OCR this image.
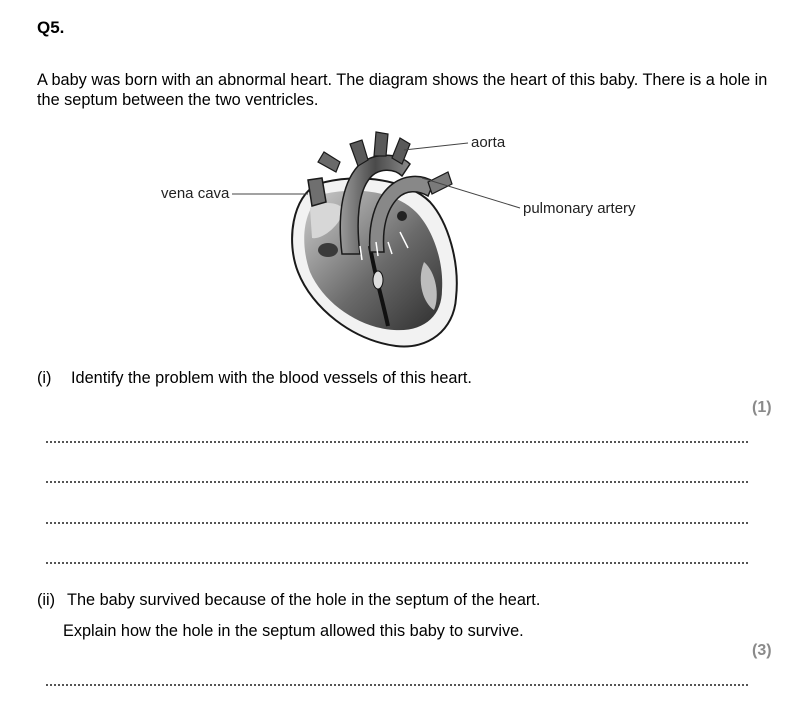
Q5.
A baby was born with an abnormal heart. The diagram shows the heart of this baby. There is a hole in the septum between the two ventricles.
vena cava
aorta
pulmonary artery
(i) Identify the problem with the blood vessels of this heart.
(1)
(ii) The baby survived because of the hole in the septum of the heart.
Explain how the hole in the septum allowed this baby to survive.
(3)
